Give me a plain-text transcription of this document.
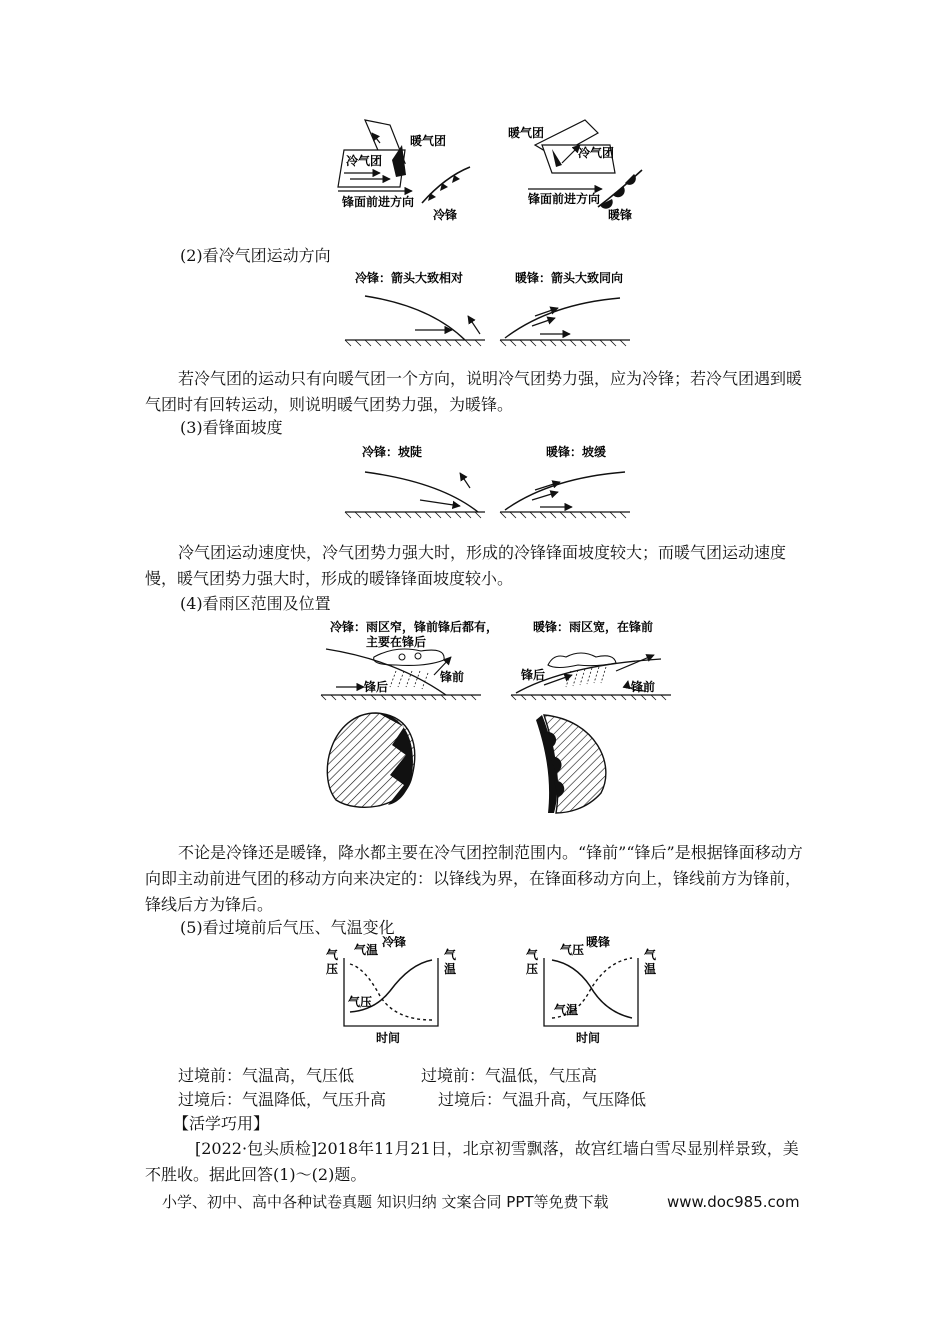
暖气团
冷气团
锋面前进方向
冷锋
暖气团
冷气团
锋面前进方向
暖锋
(2)看冷气团运动方向
冷锋：箭头大致相对	暖锋：箭头大致同向
若冷气团的运动只有向暖气团一个方向，说明冷气团势力强，应为冷锋；若冷气团遇到暖气团时有回转运动，则说明暖气团势力强，为暖锋。
(3)看锋面坡度
冷锋：坡陡	暖锋：坡缓
冷气团运动速度快，冷气团势力强大时，形成的冷锋锋面坡度较大；而暖气团运动速度慢，暖气团势力强大时，形成的暖锋锋面坡度较小。
(4)看雨区范围及位置
冷锋：雨区窄，锋前锋后都有，
主要在锋后
暖锋：雨区宽，在锋前
锋后
锋前	锋后
锋前
不论是冷锋还是暖锋，降水都主要在冷气团控制范围内。“锋前”“锋后”是根据锋面移动方向即主动前进气团的移动方向来决定的：以锋线为界，在锋面移动方向上，锋线前方为锋前，锋线后方为锋后。
(5)看过境前后气压、气温变化
气温
冷锋
气压
气
压
气
温
时间
气压
暖锋
气温
气
压
气
温
时间
过境前：气温高，气压低	过境前：气温低，气压高
过境后：气温降低，气压升高	过境后：气温升高，气压降低
【活学巧用】
[2022·包头质检]2018年11月21日，北京初雪飘落，故宫红墙白雪尽显别样景致，美不胜收。据此回答(1)～(2)题。
小学、初中、高中各种试卷真题 知识归纳 文案合同 PPT等免费下载	www.doc985.com
